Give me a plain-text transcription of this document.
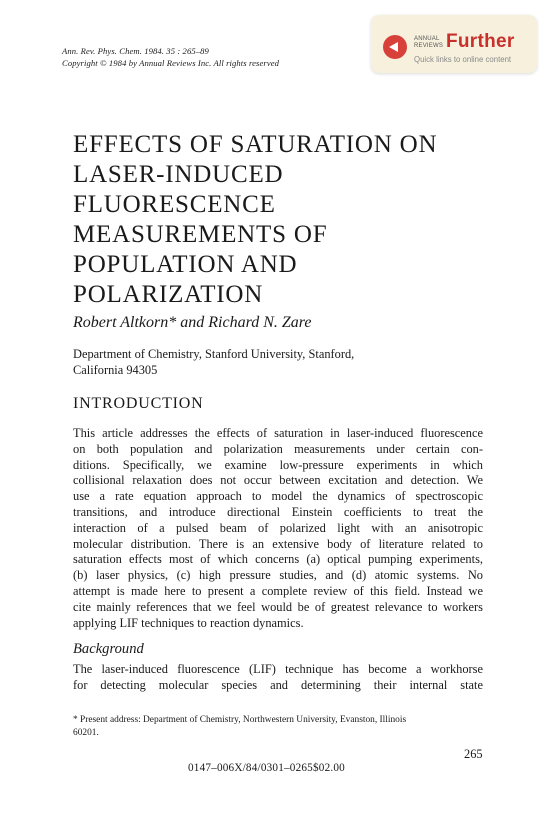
Ann. Rev. Phys. Chem. 1984. 35 : 265–89
Copyright © 1984 by Annual Reviews Inc. All rights reserved
ANNUAL
REVIEWS Further
Quick links to online content
EFFECTS OF SATURATION ON
LASER-INDUCED
FLUORESCENCE
MEASUREMENTS OF
POPULATION AND
POLARIZATION
Robert Altkorn* and Richard N. Zare
Department of Chemistry, Stanford University, Stanford,
California 94305
INTRODUCTION
This article addresses the effects of saturation in laser-induced fluorescence
on both population and polarization measurements under certain con-
ditions. Specifically, we examine low-pressure experiments in which
collisional relaxation does not occur between excitation and detection. We
use a rate equation approach to model the dynamics of spectroscopic
transitions, and introduce directional Einstein coefficients to treat the
interaction of a pulsed beam of polarized light with an anisotropic
molecular distribution. There is an extensive body of literature related to
saturation effects most of which concerns (a) optical pumping experiments,
(b) laser physics, (c) high pressure studies, and (d) atomic systems. No
attempt is made here to present a complete review of this field. Instead we
cite mainly references that we feel would be of greatest relevance to workers
applying LIF techniques to reaction dynamics.
Background
The laser-induced fluorescence (LIF) technique has become a workhorse
for detecting molecular species and determining their internal state
* Present address: Department of Chemistry, Northwestern University, Evanston, Illinois
60201.
265
0147–006X/84/0301–0265$02.00
